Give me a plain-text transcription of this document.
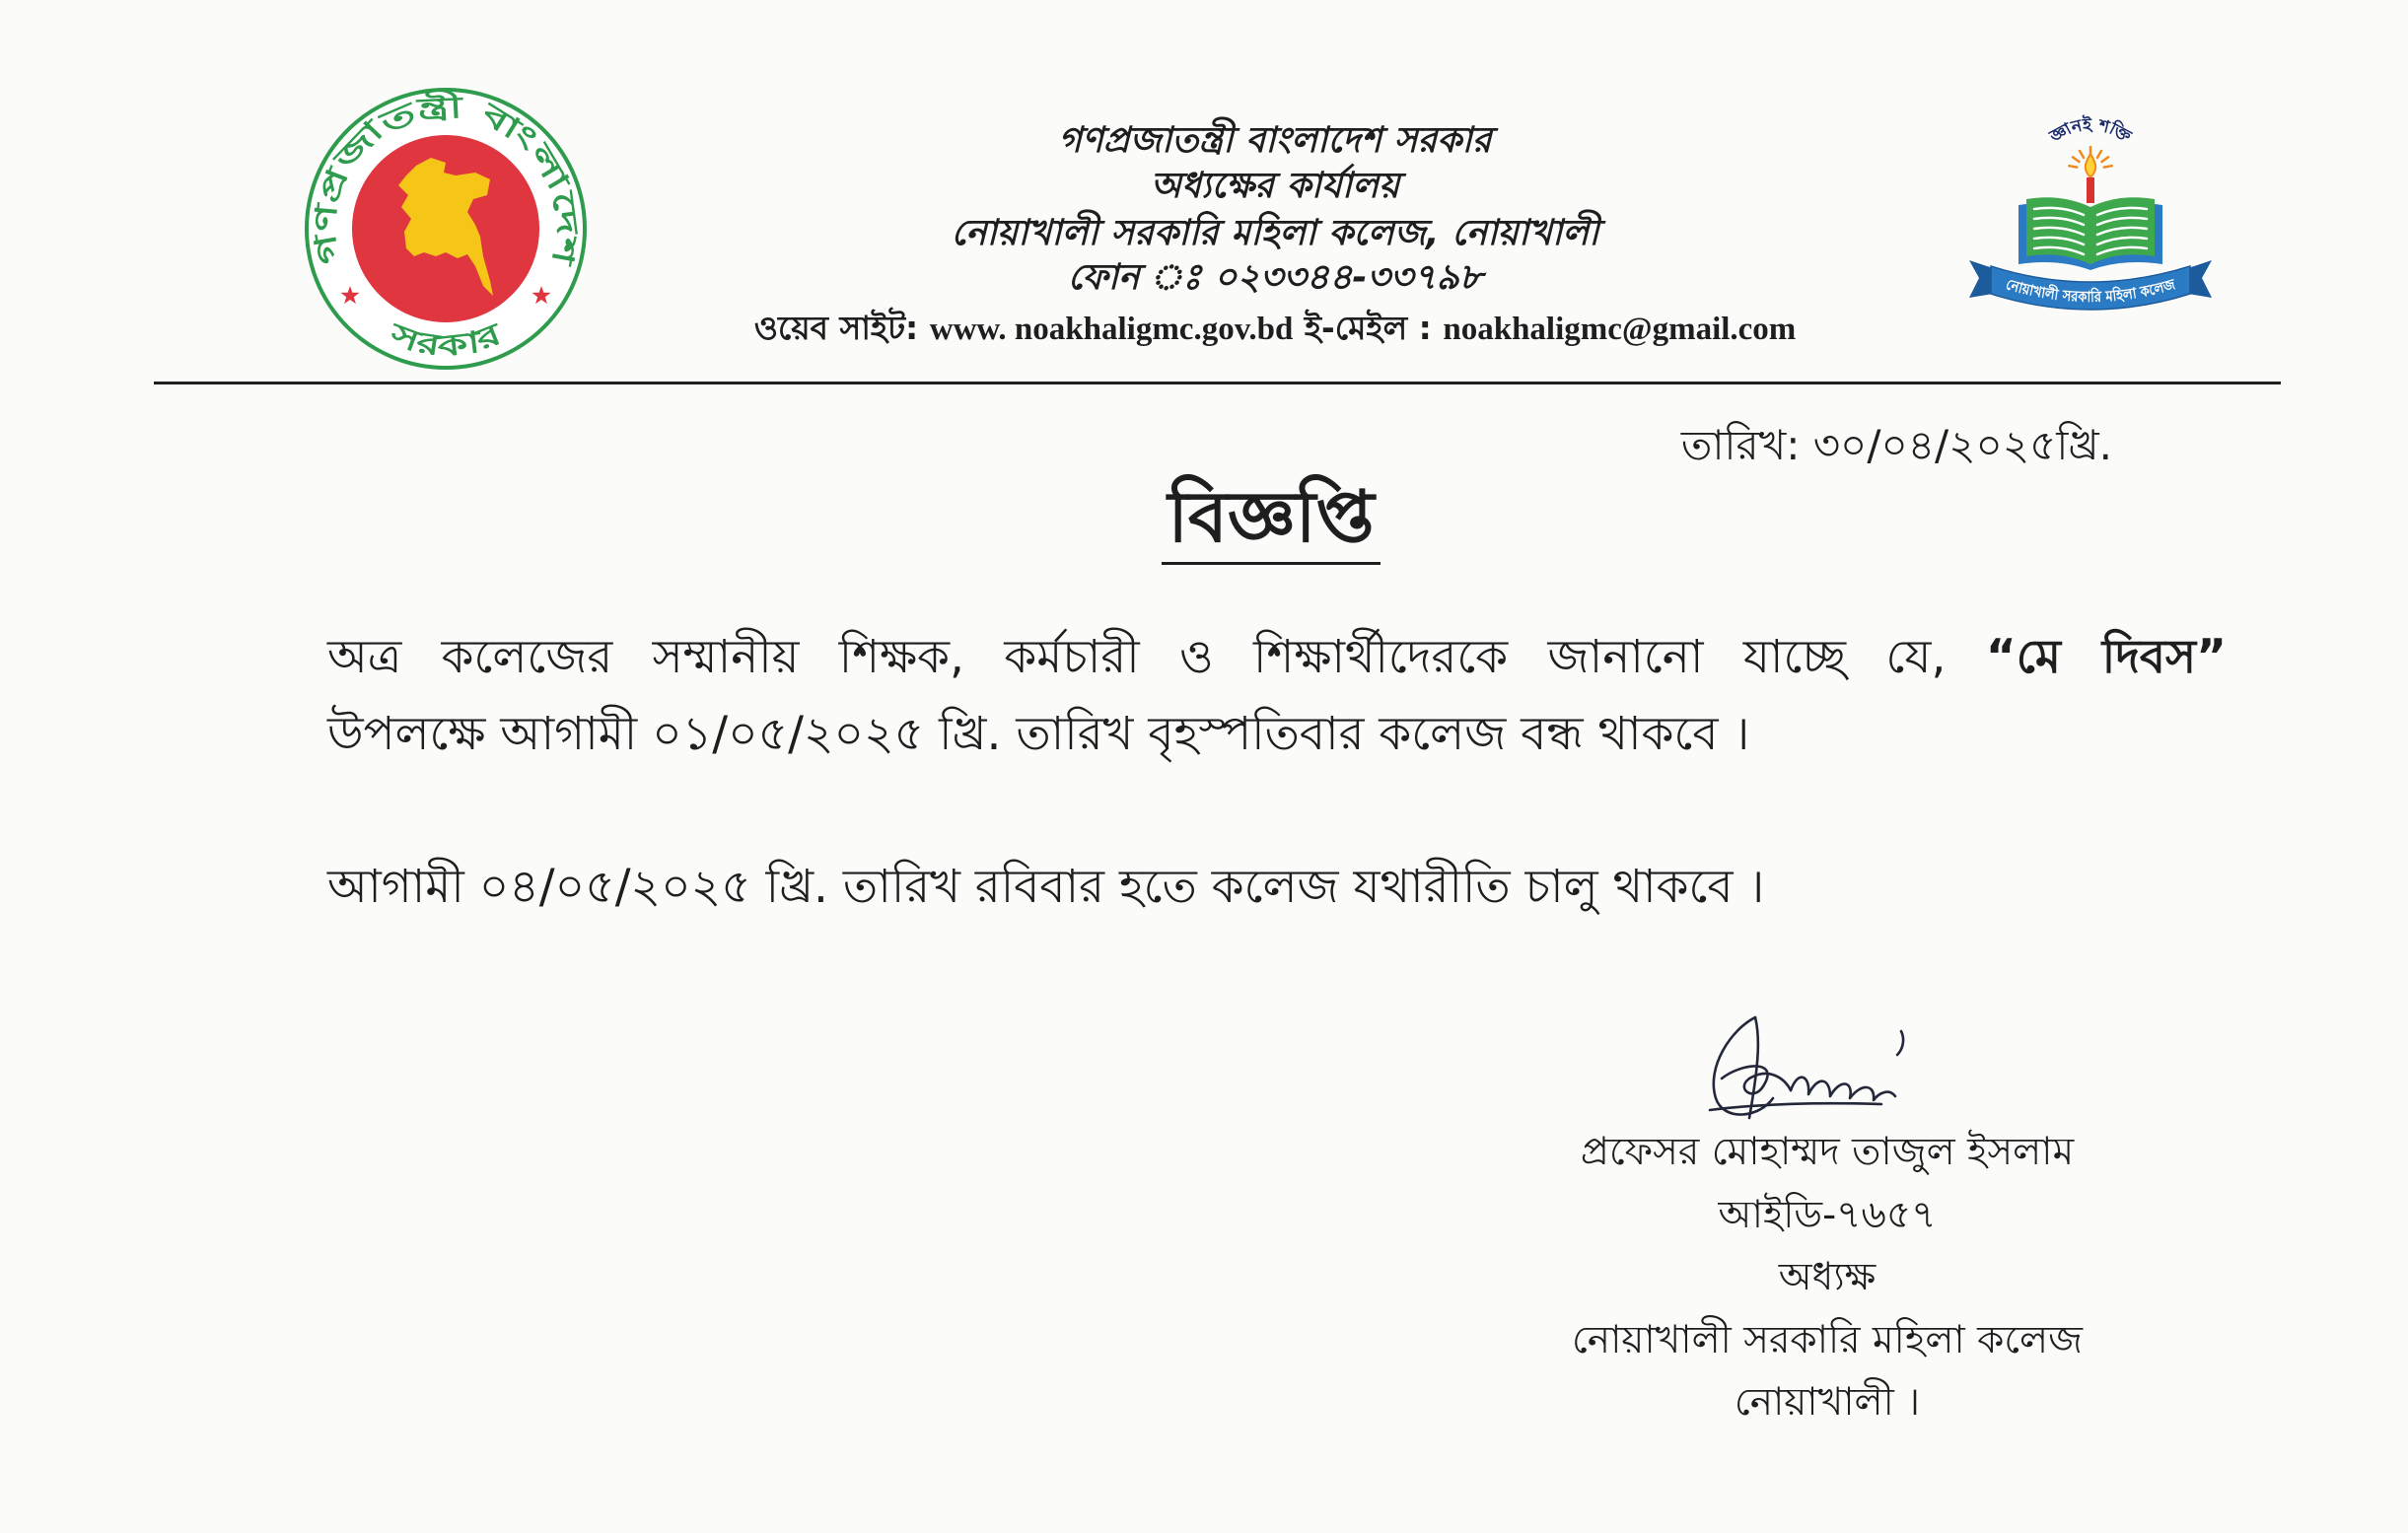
গণপ্রজাতন্ত্রী বাংলাদেশ
সরকার
গণপ্রজাতন্ত্রী বাংলাদেশ সরকার
অধ্যক্ষের কার্যালয়
নোয়াখালী সরকারি মহিলা কলেজ, নোয়াখালী
ফোন ঃ ০২৩৩৪৪-৩৩৭৯৮
ওয়েব সাইট: www. noakhaligmc.gov.bd ই-মেইল : noakhaligmc@gmail.com
জ্ঞানই শক্তি
নোয়াখালী সরকারি মহিলা কলেজ
তারিখ: ৩০/০৪/২০২৫খ্রি.
বিজ্ঞপ্তি
অত্র কলেজের সম্মানীয় শিক্ষক, কর্মচারী ও শিক্ষার্থীদেরকে জানানো যাচ্ছে যে, “মে দিবস”
উপলক্ষে আগামী ০১/০৫/২০২৫ খ্রি. তারিখ বৃহস্পতিবার কলেজ বন্ধ থাকবে ।
আগামী ০৪/০৫/২০২৫ খ্রি. তারিখ রবিবার হতে কলেজ যথারীতি চালু থাকবে ।
প্রফেসর মোহাম্মদ তাজুল ইসলাম
আইডি-৭৬৫৭
অধ্যক্ষ
নোয়াখালী সরকারি মহিলা কলেজ
নোয়াখালী ।
